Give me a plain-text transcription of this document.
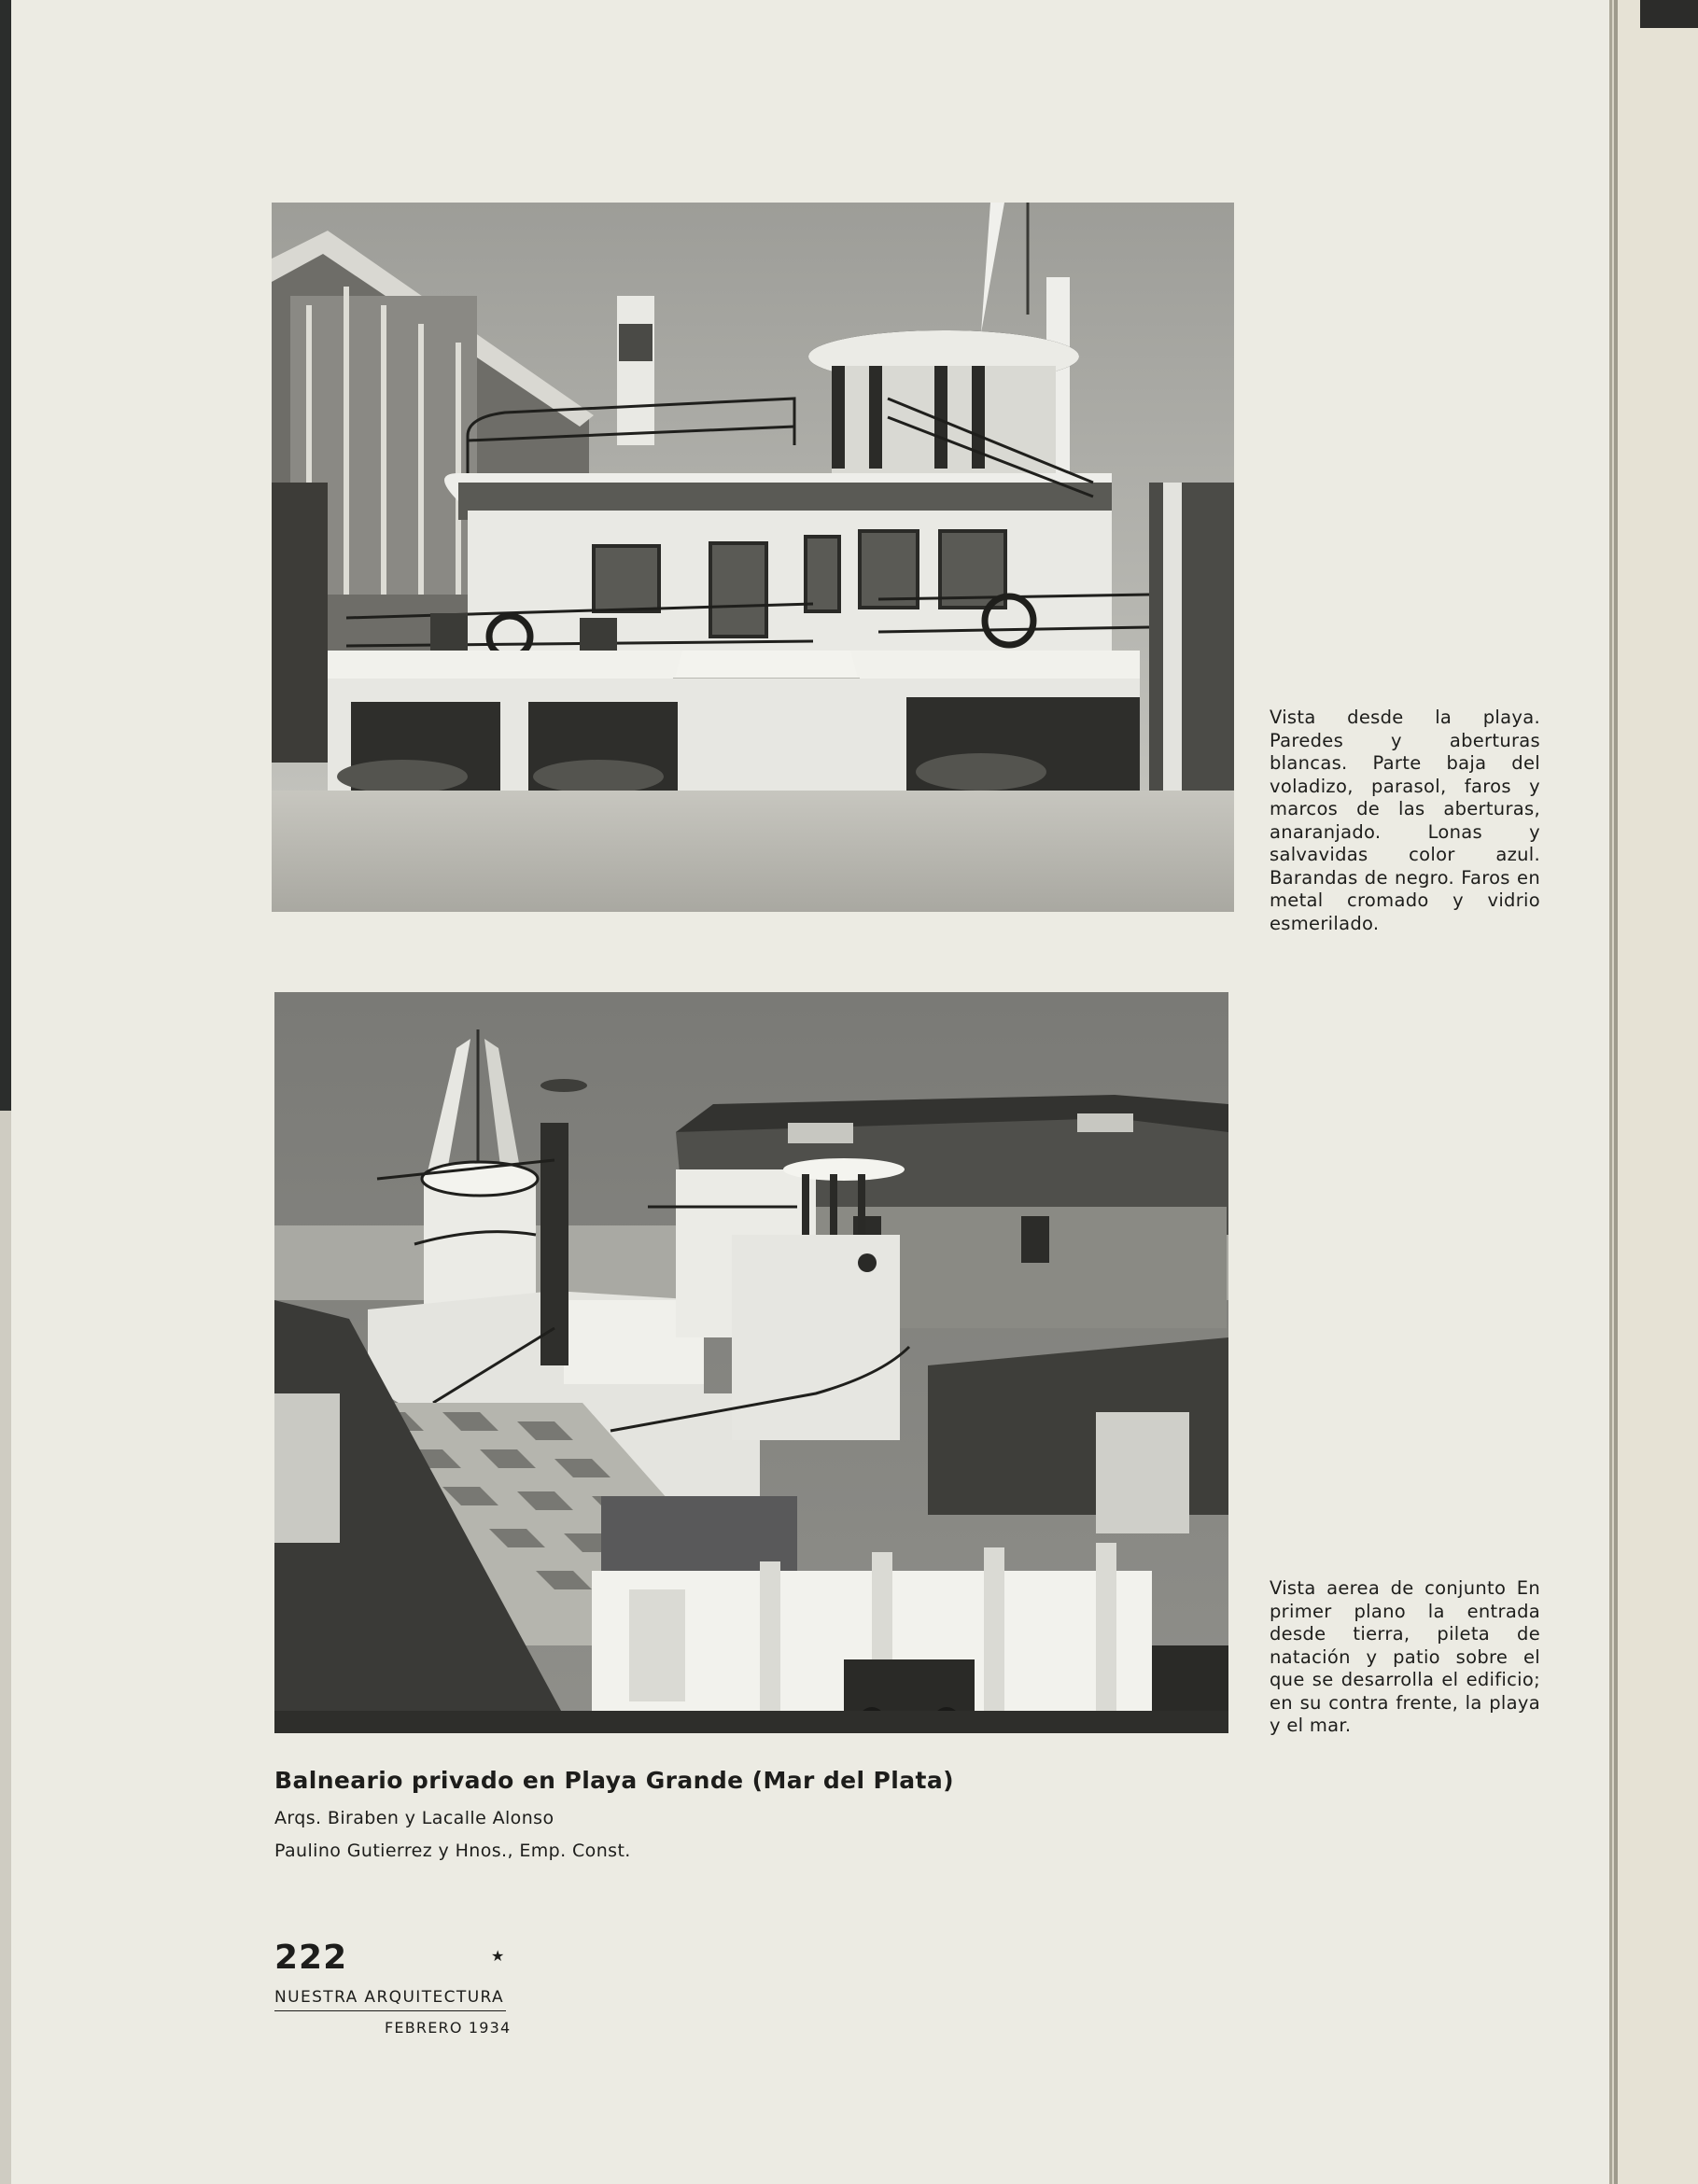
Vista desde la playa. Paredes y aberturas blancas. Parte baja del voladizo, parasol, faros y marcos de las aberturas, anaranjado. Lonas y salvavidas color azul. Barandas de negro. Faros en metal cromado y vidrio esmerilado.
Vista aerea de conjunto En primer plano la entrada desde tierra, pileta de natación y patio sobre el que se desarrolla el edificio; en su contra frente, la playa y el mar.
Balneario privado en Playa Grande (Mar del Plata)
Arqs. Biraben y Lacalle Alonso
Paulino Gutierrez y Hnos., Emp. Const.
222	★
NUESTRA ARQUITECTURA
FEBRERO 1934
